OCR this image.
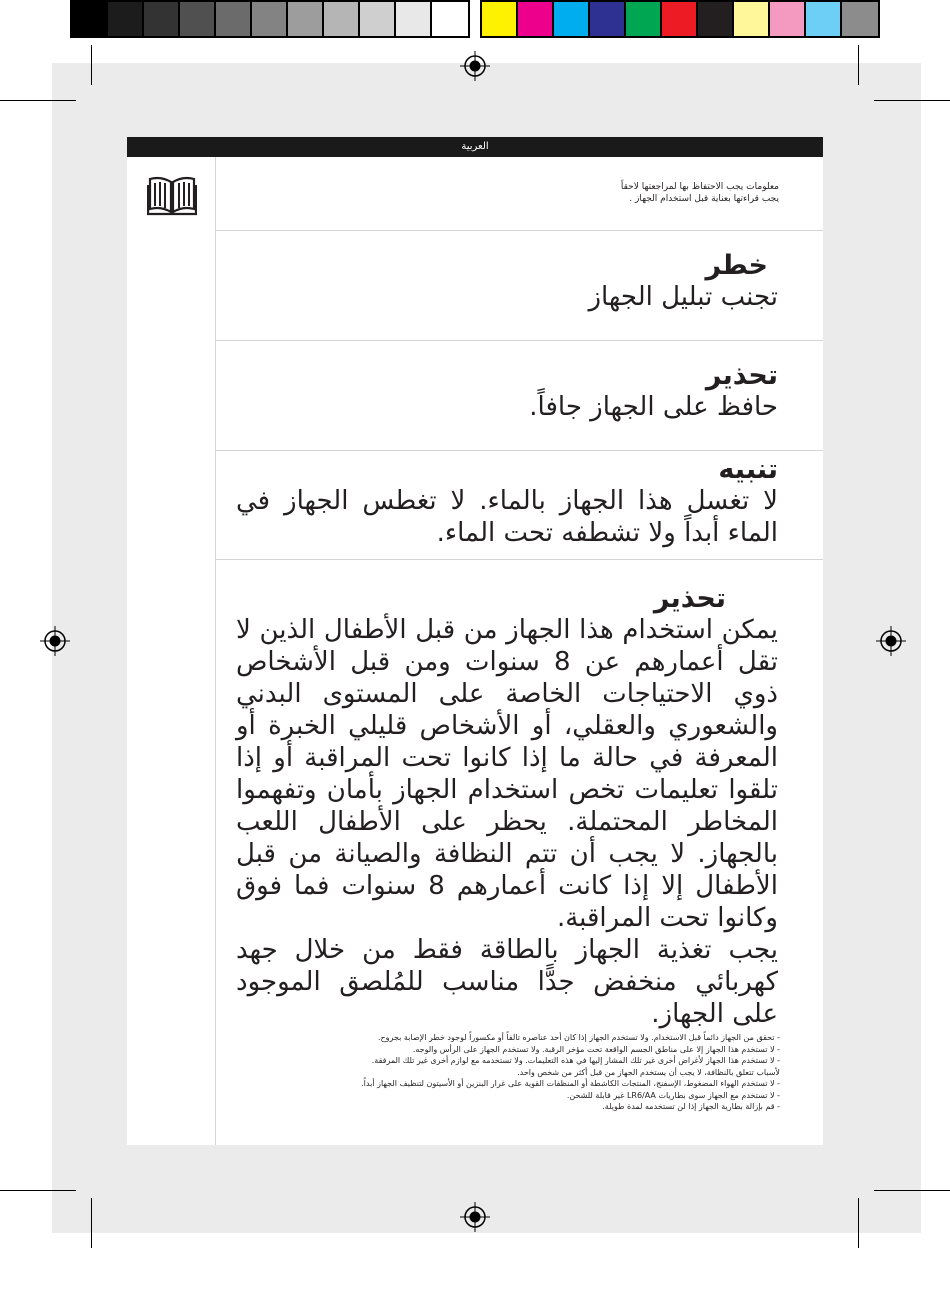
العربية
معلومات يجب الاحتفاظ بها لمراجعتها لاحقاً
يجب قراءتها بعناية قبل استخدام الجهاز .
خطر
تجنب تبليل الجهاز
تحذير
حافظ على الجهاز جافاً.
تنبيه
لا تغسل هذا الجهاز بالماء. لا تغطس الجهاز في الماء أبداً ولا تشطفه تحت الماء.
تحذير
يمكن استخدام هذا الجهاز من قبل الأطفال الذين لا تقل أعمارهم عن 8 سنوات ومن قبل الأشخاص ذوي الاحتياجات الخاصة على المستوى البدني والشعوري والعقلي، أو الأشخاص قليلي الخبرة أو المعرفة في حالة ما إذا كانوا تحت المراقبة أو إذا تلقوا تعليمات تخص استخدام الجهاز بأمان وتفهموا المخاطر المحتملة. يحظر على الأطفال اللعب بالجهاز. لا يجب أن تتم النظافة والصيانة من قبل الأطفال إلا إذا كانت أعمارهم 8 سنوات فما فوق وكانوا تحت المراقبة.
يجب تغذية الجهاز بالطاقة فقط من خلال جهد كهربائي منخفض جدًّا مناسب للمُلصق الموجود على الجهاز.
- تحقق من الجهاز دائماً قبل الاستخدام. ولا تستخدم الجهاز إذا كان أحد عناصره تالفاً أو مكسوراً لوجود خطر الإصابة بجروح.
- لا تستخدم هذا الجهاز إلا على مناطق الجسم الواقعة تحت مؤخر الرقبة. ولا تستخدم الجهاز على الرأس والوجه.
- لا تستخدم هذا الجهاز لأغراض أخرى غير تلك المشار إليها في هذه التعليمات. ولا تستخدمه مع لوازم أخرى غير تلك المرفقة.
لأسباب تتعلق بالنظافة، لا يجب أن يستخدم الجهاز من قبل أكثر من شخص واحد.
- لا تستخدم الهواء المضغوط، الإسفنج، المنتجات الكاشطة أو المنظفات القوية على غرار البنزين أو الأسيتون لتنظيف الجهاز أبداً.
- لا تستخدم مع الجهاز سوى بطاريات LR6/AA غير قابلة للشحن.
- قم بإزالة بطارية الجهاز إذا لن تستخدمه لمدة طويلة.
